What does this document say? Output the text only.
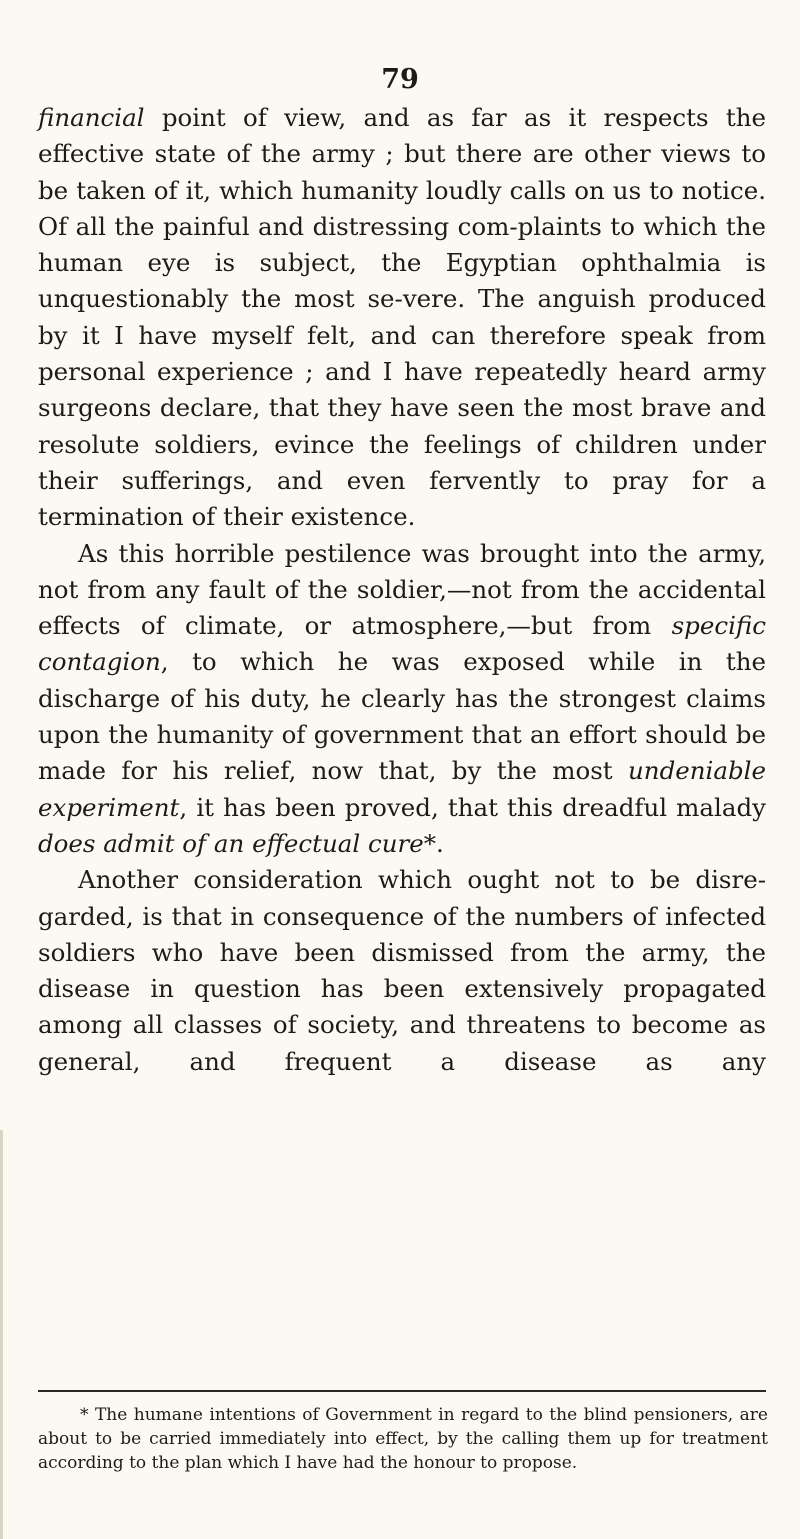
79

financial point of view, and as far as it respects the effective state of the army ; but there are other views to be taken of it, which humanity loudly calls on us to notice. Of all the painful and distressing com-plaints to which the human eye is subject, the Egyptian ophthalmia is unquestionably the most se-vere. The anguish produced by it I have myself felt, and can therefore speak from personal experience ; and I have repeatedly heard army surgeons declare, that they have seen the most brave and resolute soldiers, evince the feelings of children under their sufferings, and even fervently to pray for a termination of their existence.

As this horrible pestilence was brought into the army, not from any fault of the soldier,—not from the accidental effects of climate, or atmosphere,—but from specific contagion, to which he was exposed while in the discharge of his duty, he clearly has the strongest claims upon the humanity of government that an effort should be made for his relief, now that, by the most undeniable experiment, it has been proved, that this dreadful malady does admit of an effectual cure*.

Another consideration which ought not to be disre-garded, is that in consequence of the numbers of infected soldiers who have been dismissed from the army, the disease in question has been extensively propagated among all classes of society, and threatens to become as general, and frequent a disease as any

* The humane intentions of Government in regard to the blind pensioners, are about to be carried immediately into effect, by the calling them up for treatment according to the plan which I have had the honour to propose.
